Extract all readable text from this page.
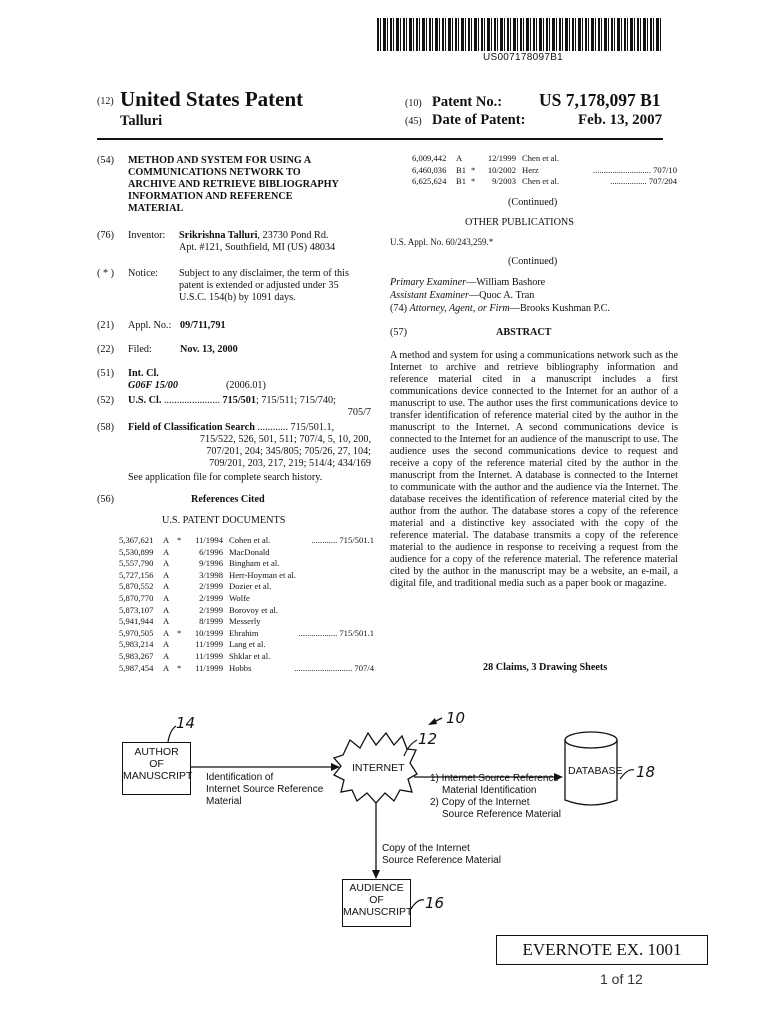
US007178097B1
(12) United States Patent
Talluri
(10) Patent No.: US 7,178,097 B1
(45) Date of Patent:	Feb. 13, 2007
(54) METHOD AND SYSTEM FOR USING A
COMMUNICATIONS NETWORK TO
ARCHIVE AND RETRIEVE BIBLIOGRAPHY
INFORMATION AND REFERENCE
MATERIAL
(76) Inventor: Srikrishna Talluri, 23730 Pond Rd.
Apt. #121, Southfield, MI (US) 48034
( * ) Notice: Subject to any disclaimer, the term of this
patent is extended or adjusted under 35
U.S.C. 154(b) by 1091 days.
(21) Appl. No.: 09/711,791
(22) Filed:	Nov. 13, 2000
(51) Int. Cl.
G06F 15/00	(2006.01)
(52) U.S. Cl. ...................... 715/501; 715/511; 715/740;
705/7
(58) Field of Classification Search ............ 715/501.1,
715/522, 526, 501, 511; 707/4, 5, 10, 200,
707/201, 204; 345/805; 705/26, 27, 104;
709/201, 203, 217, 219; 514/4; 434/169
See application file for complete search history.
(56)	References Cited
U.S. PATENT DOCUMENTS
5,367,621 A *	11/1994 Cohen et al.	............ 715/501.1
5,530,899 A	6/1996 MacDonald
5,557,790 A	9/1996 Bingham et al.
5,727,156 A	3/1998 Herr-Hoyman et al.
5,870,552 A	2/1999 Dozier et al.
5,870,770 A	2/1999 Wolfe
5,873,107 A	2/1999 Borovoy et al.
5,941,944 A	8/1999 Messerly
5,970,505 A *	10/1999 Ebrahim	.................. 715/501.1
5,983,214 A	11/1999 Lang et al.
5,983,267 A	11/1999 Shklar et al.
5,987,454 A *	11/1999 Hobbs	........................... 707/4
6,009,442 A	12/1999 Chen et al.
6,460,036 B1 *	10/2002 Herz	........................... 707/10
6,625,624 B1 *	9/2003 Chen et al.	................. 707/204
(Continued)
OTHER PUBLICATIONS
U.S. Appl. No. 60/243,259.*
(Continued)
Primary Examiner—William Bashore
Assistant Examiner—Quoc A. Tran
(74) Attorney, Agent, or Firm—Brooks Kushman P.C.
(57)	ABSTRACT
A method and system for using a communications network such as the Internet to archive and retrieve bibliography information and reference material cited in a manuscript includes a first communications device connected to the Internet for an author of a manuscript to use. The author uses the first communications device to transfer identification of reference material cited by the author in the manuscript to the Internet. A second communications device is connected to the Internet for an audience of the manuscript to use. The audience uses the second communications device to request and receive a copy of the reference material cited by the author in the manuscript from the Internet. A database is connected to the Internet to communicate with the author and the audience via the Internet. The database receives the identification of reference material cited by the author from the author. The database stores a copy of the reference material and a distinctive key associated with the copy of the reference material. The database transmits a copy of the reference material to the audience in response to receiving a request from the audience for a copy of the reference material. The reference material cited by the author in the manuscript may be a website, an e-mail, a digital file, and traditional media such as a paper book or magazine.
28 Claims, 3 Drawing Sheets
AUTHOR
OF
MANUSCRIPT
INTERNET	DATABASE
Identification of
Internet Source Reference
Material
1) Internet Source Reference
Material Identification
2) Copy of the Internet
Source Reference Material
Copy of the Internet
Source Reference Material
AUDIENCE
OF
MANUSCRIPT
14	10
12
18
16
EVERNOTE EX. 1001
1 of 12
